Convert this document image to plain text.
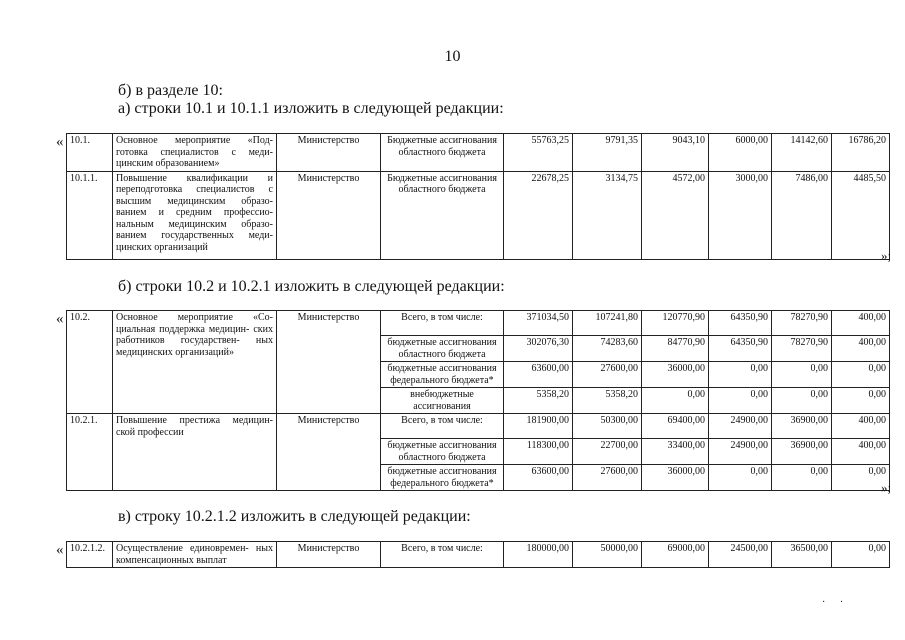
10
б) в разделе 10:
а) строки 10.1 и 10.1.1 изложить в следующей редакции:
« 10.1.	Основное мероприятие «Под- готовка специалистов с меди- цинским образованием»	Министерство	Бюджетные ассигнования областного бюджета	55763,25	9791,35	9043,10	6000,00	14142,60	16786,20
10.1.1.	Повышение квалификации и переподготовка специалистов с высшим медицинским образо- ванием и средним профессио- нальным медицинским образо- ванием государственных меди- цинских организаций	Министерство	Бюджетные ассигнования областного бюджета	22678,25	3134,75	4572,00	3000,00	7486,00	4485,50
»;
б) строки 10.2 и 10.2.1 изложить в следующей редакции:
« 10.2.	Основное мероприятие «Со- циальная поддержка медицин- ских работников государствен- ных медицинских организаций»	Министерство	Всего, в том числе:	371034,50	107241,80	120770,90	64350,90	78270,90	400,00
			бюджетные ассигнования областного бюджета	302076,30	74283,60	84770,90	64350,90	78270,90	400,00
			бюджетные ассигнования федерального бюджета*	63600,00	27600,00	36000,00	0,00	0,00	0,00
			внебюджетные ассигнования	5358,20	5358,20	0,00	0,00	0,00	0,00
10.2.1.	Повышение престижа медицин- ской профессии	Министерство	Всего, в том числе:	181900,00	50300,00	69400,00	24900,00	36900,00	400,00
			бюджетные ассигнования областного бюджета	118300,00	22700,00	33400,00	24900,00	36900,00	400,00
			бюджетные ассигнования федерального бюджета*	63600,00	27600,00	36000,00	0,00	0,00	0,00
»;
в) строку 10.2.1.2 изложить в следующей редакции:
« 10.2.1.2.	Осуществление единовремен- ных компенсационных выплат	Министерство	Всего, в том числе:	180000,00	50000,00	69000,00	24500,00	36500,00	0,00
· ·
